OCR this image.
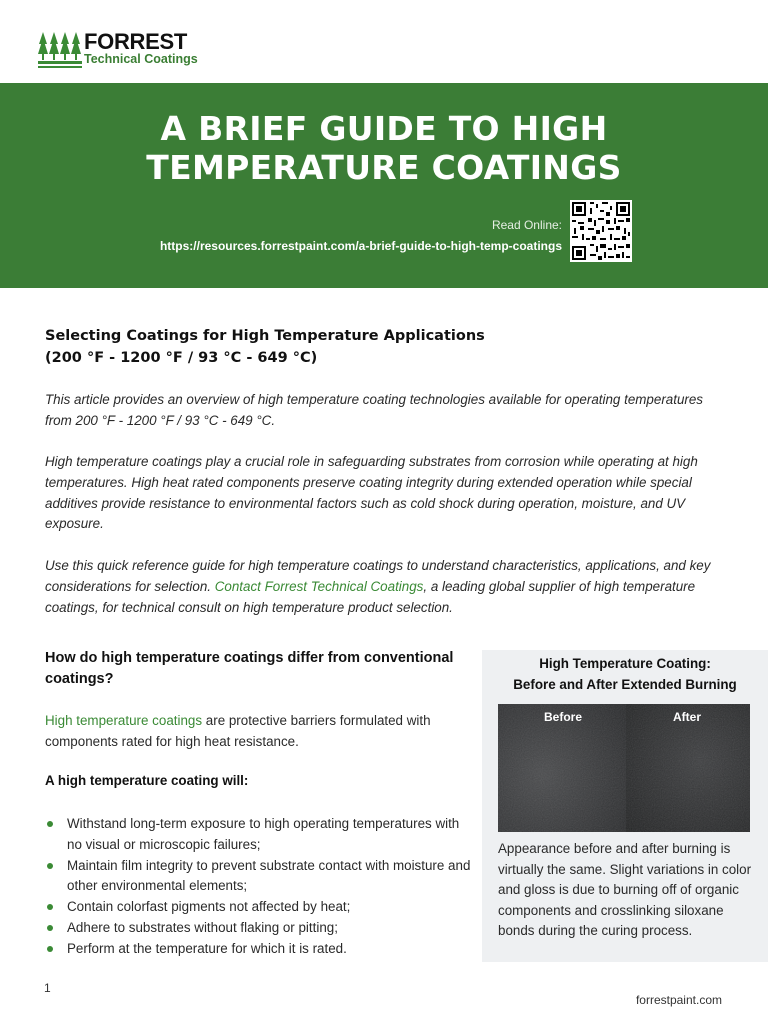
FORREST
Technical Coatings
A BRIEF GUIDE TO HIGH
TEMPERATURE COATINGS
Read Online:
https://resources.forrestpaint.com/a-brief-guide-to-high-temp-coatings
Selecting Coatings for High Temperature Applications
(200 °F - 1200 °F / 93 °C - 649 °C)

This article provides an overview of high temperature coating technologies available for operating temperatures from 200 °F - 1200 °F / 93 °C - 649 °C.

High temperature coatings play a crucial role in safeguarding substrates from corrosion while operating at high temperatures. High heat rated components preserve coating integrity during extended operation while special additives provide resistance to environmental factors such as cold shock during operation, moisture, and UV exposure.

Use this quick reference guide for high temperature coatings to understand characteristics, applications, and key considerations for selection. Contact Forrest Technical Coatings, a leading global supplier of high temperature coatings, for technical consult on high temperature product selection.

How do high temperature coatings differ from conventional coatings?

High temperature coatings are protective barriers formulated with components rated for high heat resistance.

A high temperature coating will:

Withstand long-term exposure to high operating temperatures with no visual or microscopic failures;
Maintain film integrity to prevent substrate contact with moisture and other environmental elements;
Contain colorfast pigments not affected by heat;
Adhere to substrates without flaking or pitting;
Perform at the temperature for which it is rated.
High Temperature Coating:
Before and After Extended Burning
Before	After
Appearance before and after burning is virtually the same. Slight variations in color and gloss is due to burning off of organic components and crosslinking siloxane bonds during the curing process.
1
forrestpaint.com
